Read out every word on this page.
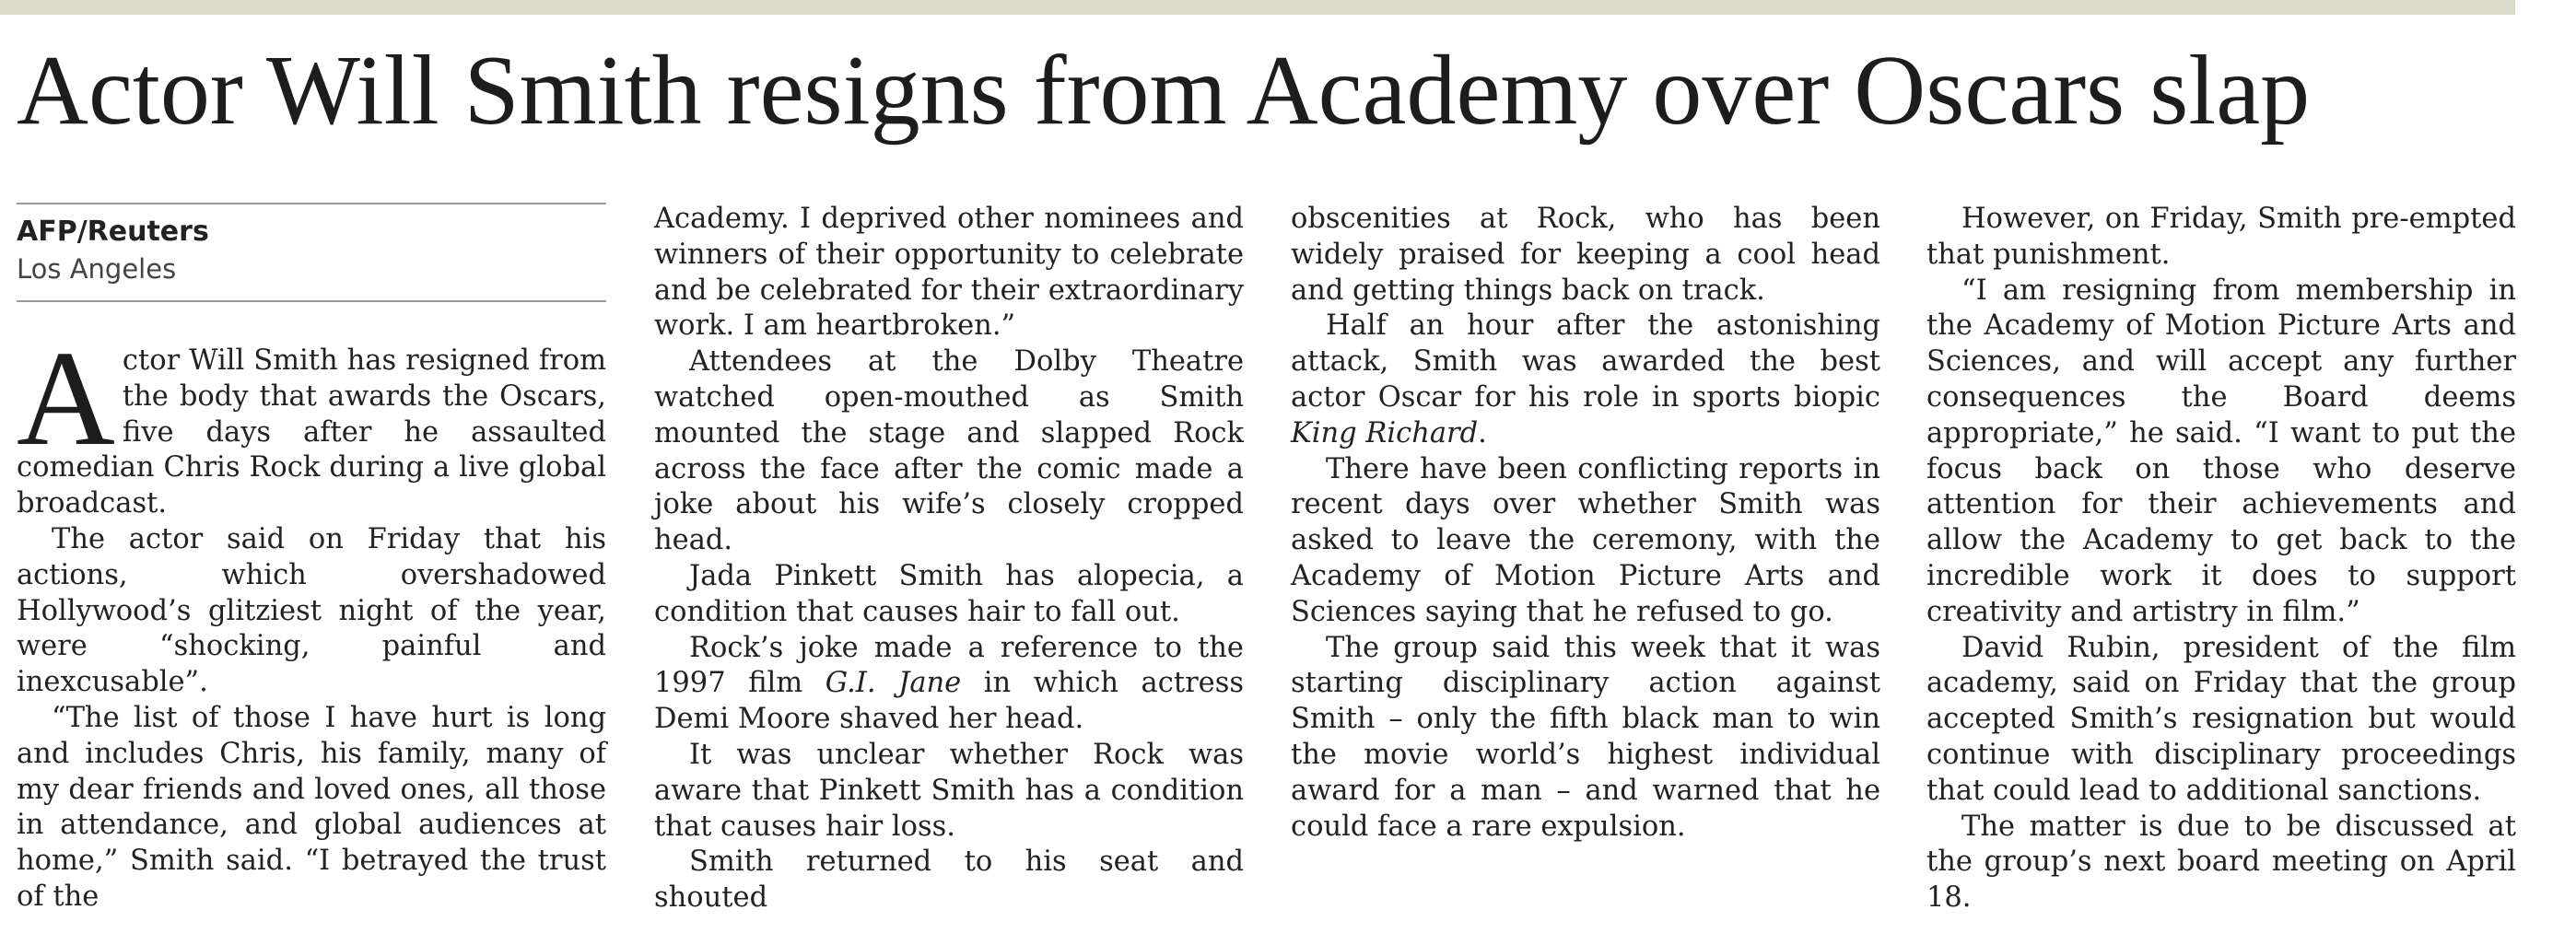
Actor Will Smith resigns from Academy over Oscars slap
AFP/Reuters
Los Angeles

Actor Will Smith has resigned from the body that awards the Oscars, five days after he assaulted comedian Chris Rock during a live global broadcast.

The actor said on Friday that his actions, which overshadowed Hollywood’s glitziest night of the year, were “shocking, painful and inexcusable”.

“The list of those I have hurt is long and includes Chris, his family, many of my dear friends and loved ones, all those in attendance, and global audiences at home,” Smith said. “I betrayed the trust of the

Academy. I deprived other nominees and winners of their opportunity to celebrate and be celebrated for their extraordinary work. I am heartbroken.”

Attendees at the Dolby Theatre watched open-mouthed as Smith mounted the stage and slapped Rock across the face after the comic made a joke about his wife’s closely cropped head.

Jada Pinkett Smith has alopecia, a condition that causes hair to fall out.

Rock’s joke made a reference to the 1997 film G.I. Jane in which actress Demi Moore shaved her head.

It was unclear whether Rock was aware that Pinkett Smith has a condition that causes hair loss.

Smith returned to his seat and shouted

obscenities at Rock, who has been widely praised for keeping a cool head and getting things back on track.

Half an hour after the astonishing attack, Smith was awarded the best actor Oscar for his role in sports biopic King Richard.

There have been conflicting reports in recent days over whether Smith was asked to leave the ceremony, with the Academy of Motion Picture Arts and Sciences saying that he refused to go.

The group said this week that it was starting disciplinary action against Smith – only the fifth black man to win the movie world’s highest individual award for a man – and warned that he could face a rare expulsion.

However, on Friday, Smith pre-empted that punishment.

“I am resigning from membership in the Academy of Motion Picture Arts and Sciences, and will accept any further consequences the Board deems appropriate,” he said. “I want to put the focus back on those who deserve attention for their achievements and allow the Academy to get back to the incredible work it does to support creativity and artistry in film.”

David Rubin, president of the film academy, said on Friday that the group accepted Smith’s resignation but would continue with disciplinary proceedings that could lead to additional sanctions.

The matter is due to be discussed at the group’s next board meeting on April 18.
